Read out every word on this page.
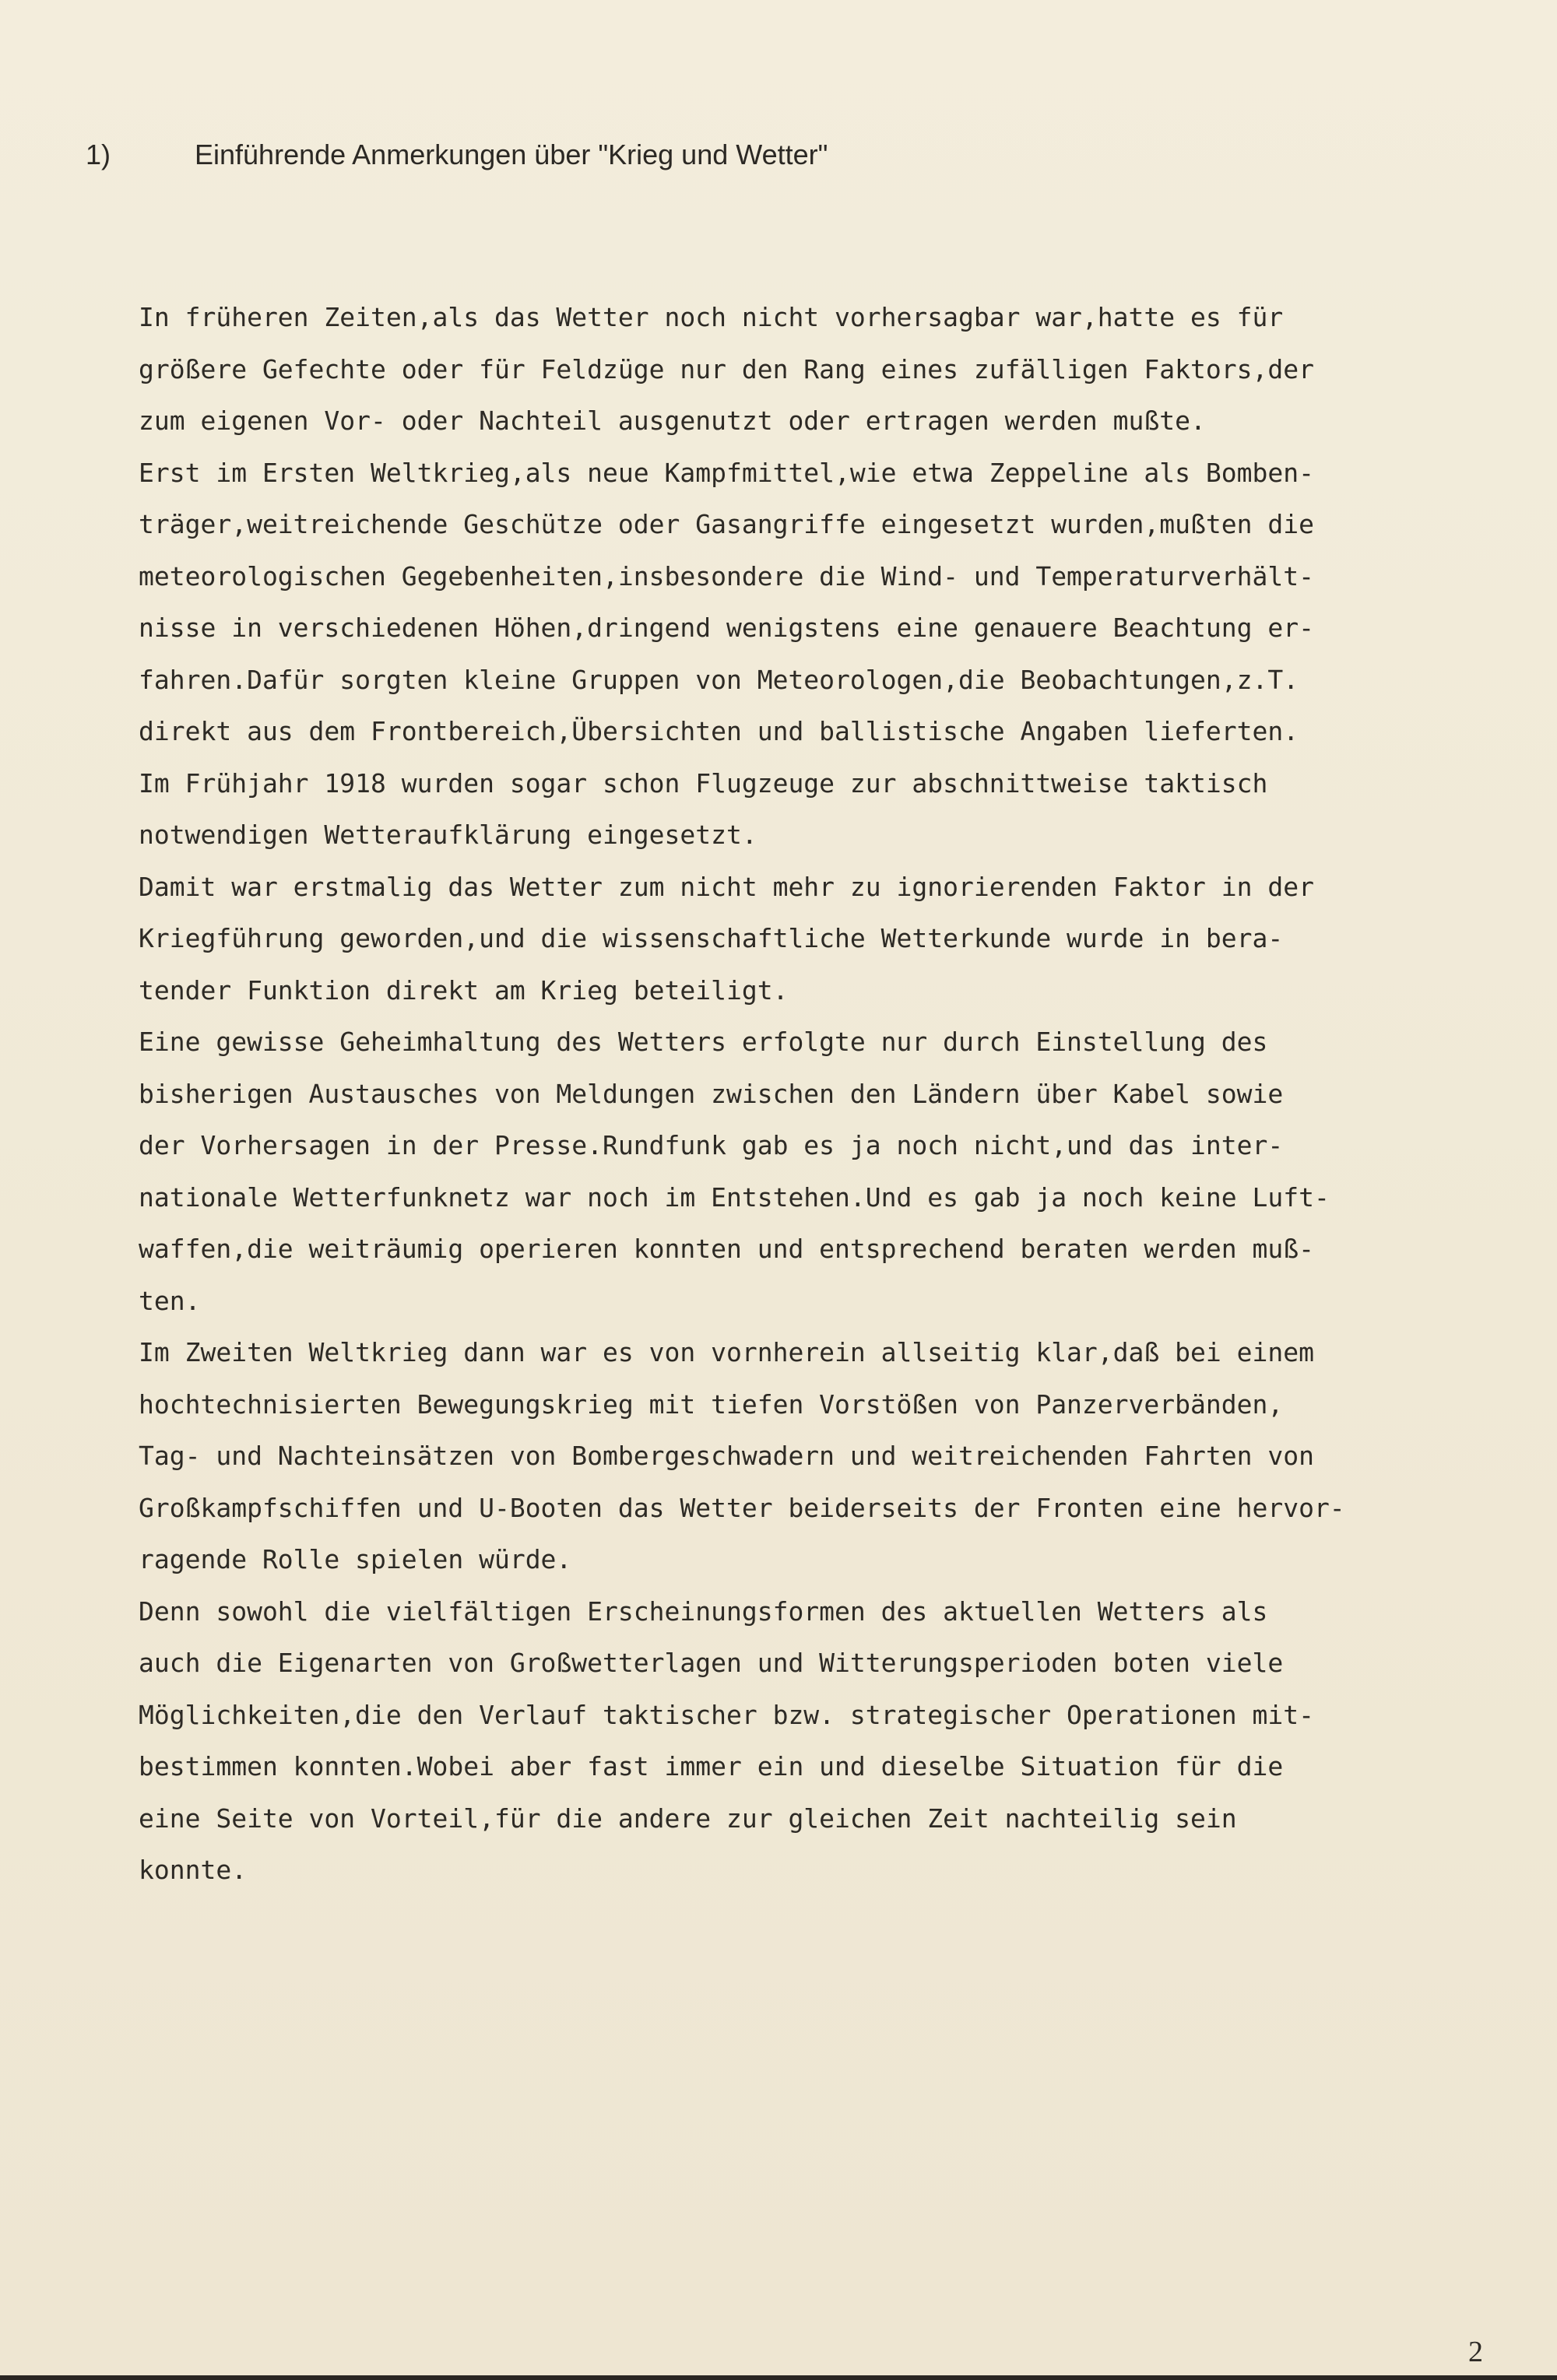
1)	Einführende Anmerkungen über "Krieg und Wetter"
In früheren Zeiten,als das Wetter noch nicht vorhersagbar war,hatte es für
größere Gefechte oder für Feldzüge nur den Rang eines zufälligen Faktors,der
zum eigenen Vor- oder Nachteil ausgenutzt oder ertragen werden mußte.
Erst im Ersten Weltkrieg,als neue Kampfmittel,wie etwa Zeppeline als Bomben-
träger,weitreichende Geschütze oder Gasangriffe eingesetzt wurden,mußten die
meteorologischen Gegebenheiten,insbesondere die Wind- und Temperaturverhält-
nisse in verschiedenen Höhen,dringend wenigstens eine genauere Beachtung er-
fahren.Dafür sorgten kleine Gruppen von Meteorologen,die Beobachtungen,z.T.
direkt aus dem Frontbereich,Übersichten und ballistische Angaben lieferten.
Im Frühjahr 1918 wurden sogar schon Flugzeuge zur abschnittweise taktisch
notwendigen Wetteraufklärung eingesetzt.
Damit war erstmalig das Wetter zum nicht mehr zu ignorierenden Faktor in der
Kriegführung geworden,und die wissenschaftliche Wetterkunde wurde in bera-
tender Funktion direkt am Krieg beteiligt.
Eine gewisse Geheimhaltung des Wetters erfolgte nur durch Einstellung des
bisherigen Austausches von Meldungen zwischen den Ländern über Kabel sowie
der Vorhersagen in der Presse.Rundfunk gab es ja noch nicht,und das inter-
nationale Wetterfunknetz war noch im Entstehen.Und es gab ja noch keine Luft-
waffen,die weiträumig operieren konnten und entsprechend beraten werden muß-
ten.
Im Zweiten Weltkrieg dann war es von vornherein allseitig klar,daß bei einem
hochtechnisierten Bewegungskrieg mit tiefen Vorstößen von Panzerverbänden,
Tag- und Nachteinsätzen von Bombergeschwadern und weitreichenden Fahrten von
Großkampfschiffen und U-Booten das Wetter beiderseits der Fronten eine hervor-
ragende Rolle spielen würde.
Denn sowohl die vielfältigen Erscheinungsformen des aktuellen Wetters als
auch die Eigenarten von Großwetterlagen und Witterungsperioden boten viele
Möglichkeiten,die den Verlauf taktischer bzw. strategischer Operationen mit-
bestimmen konnten.Wobei aber fast immer ein und dieselbe Situation für die
eine Seite von Vorteil,für die andere zur gleichen Zeit nachteilig sein
konnte.
2
